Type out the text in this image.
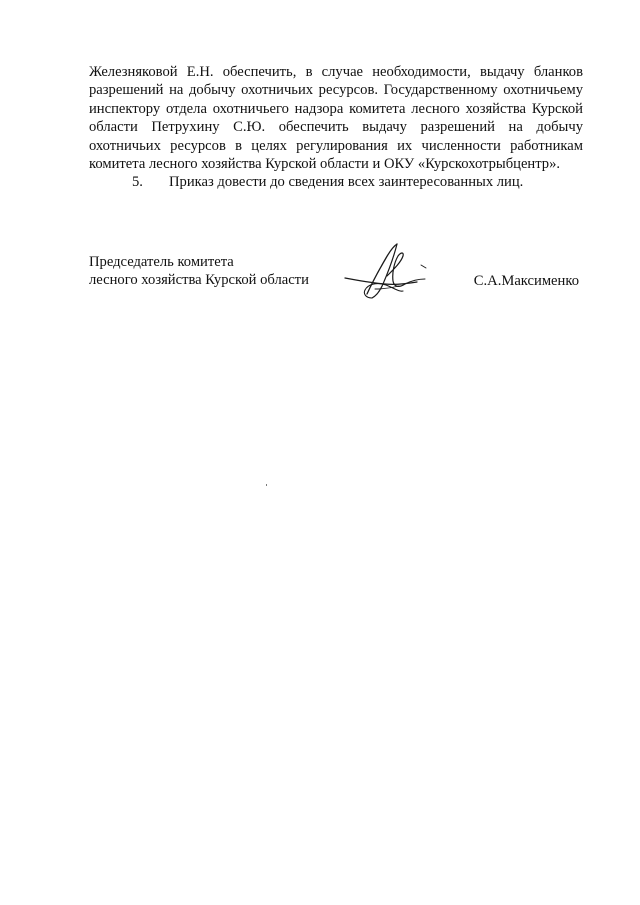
Железняковой Е.Н. обеспечить, в случае необходимости, выдачу бланков разрешений на добычу охотничьих ресурсов. Государственному охотничьему инспектору отдела охотничьего надзора комитета лесного хозяйства Курской области Петрухину С.Ю. обеспечить выдачу разрешений на добычу охотничьих ресурсов в целях регулирования их численности работникам комитета лесного хозяйства Курской области и ОКУ «Курскохотрыбцентр».

5. Приказ довести до сведения всех заинтересованных лиц.

Председатель комитета
лесного хозяйства Курской области	С.А.Максименко
